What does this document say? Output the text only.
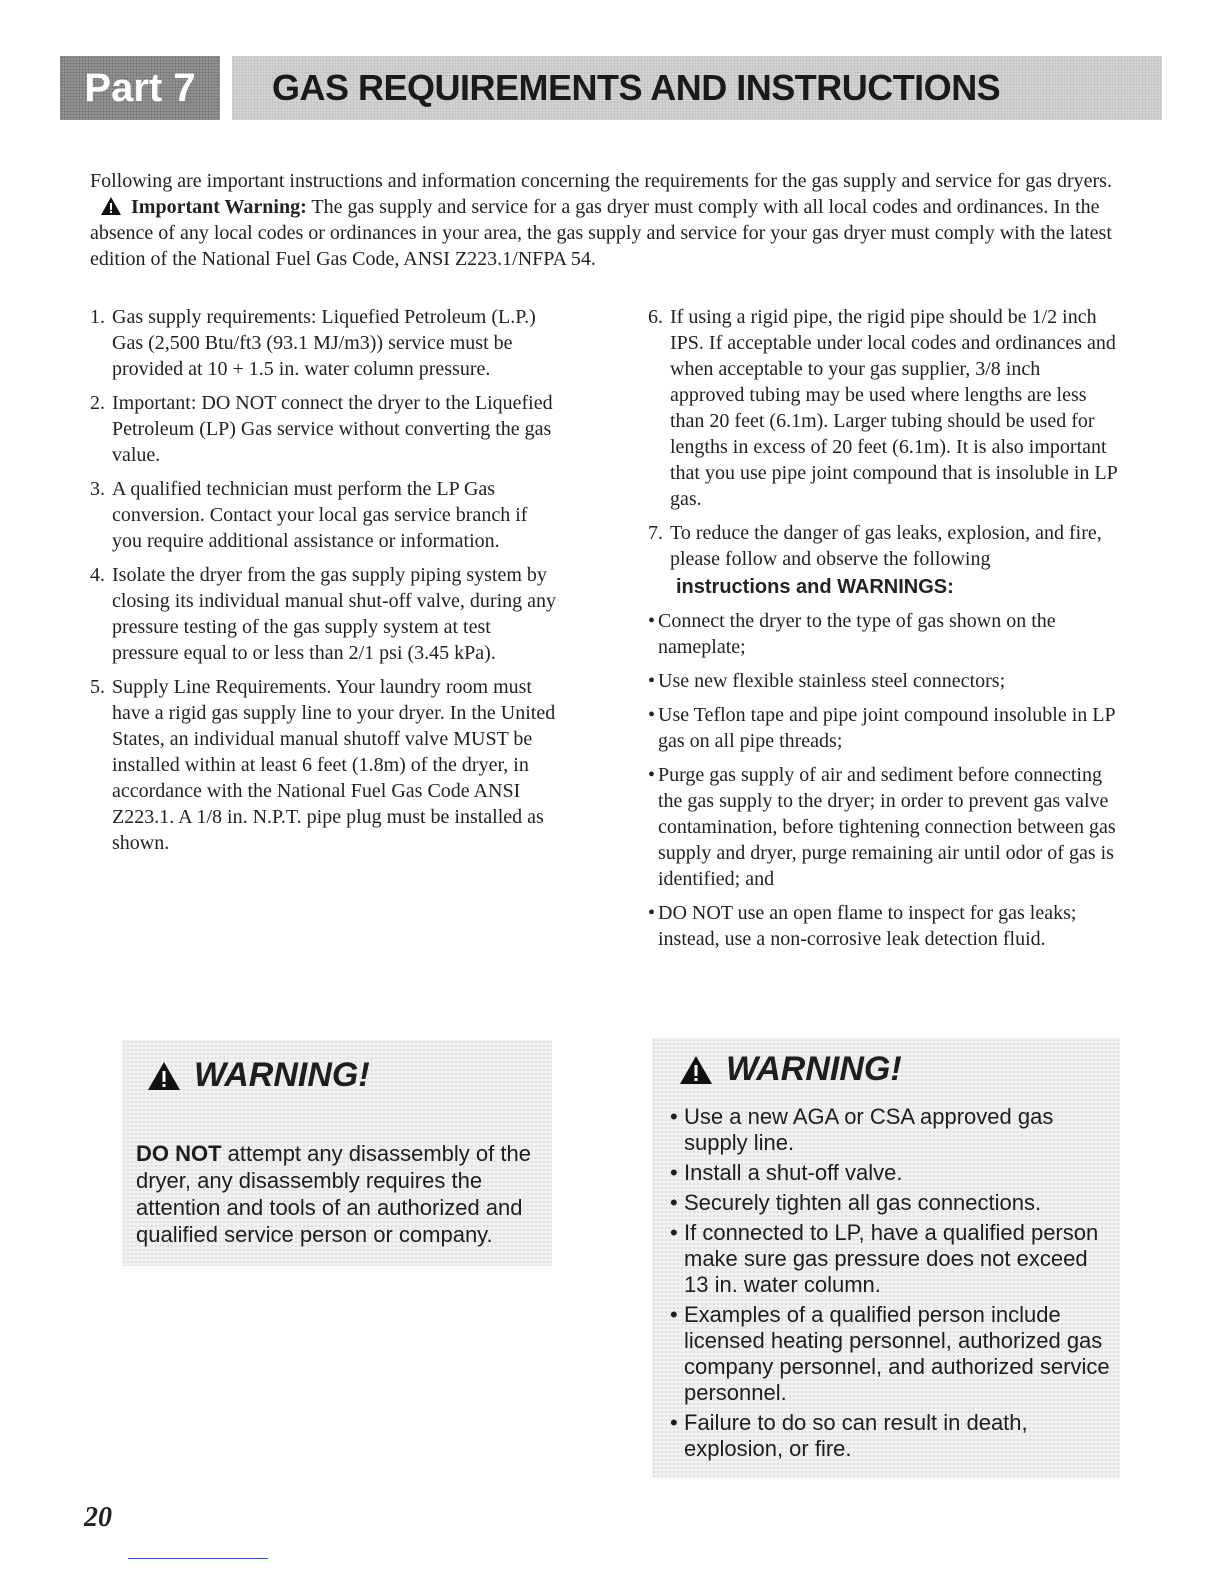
Part 7	GAS REQUIREMENTS AND INSTRUCTIONS

Following are important instructions and information concerning the requirements for the gas supply and service for gas dryers.  Important Warning: The gas supply and service for a gas dryer must comply with all local codes and ordinances. In the absence of any local codes or ordinances in your area, the gas supply and service for your gas dryer must comply with the latest edition of the National Fuel Gas Code, ANSI Z223.1/NFPA 54.

1. Gas supply requirements: Liquefied Petroleum (L.P.) Gas (2,500 Btu/ft3 (93.1 MJ/m3)) service must be provided at 10 + 1.5 in. water column pressure.
2. Important: DO NOT connect the dryer to the Liquefied Petroleum (LP) Gas service without converting the gas value.
3. A qualified technician must perform the LP Gas conversion. Contact your local gas service branch if you require additional assistance or information.
4. Isolate the dryer from the gas supply piping system by closing its individual manual shut-off valve, during any pressure testing of the gas supply system at test pressure equal to or less than 2/1 psi (3.45 kPa).
5. Supply Line Requirements. Your laundry room must have a rigid gas supply line to your dryer. In the United States, an individual manual shutoff valve MUST be installed within at least 6 feet (1.8m) of the dryer, in accordance with the National Fuel Gas Code ANSI Z223.1. A 1/8 in. N.P.T. pipe plug must be installed as shown.
6. If using a rigid pipe, the rigid pipe should be 1/2 inch IPS. If acceptable under local codes and ordinances and when acceptable to your gas supplier, 3/8 inch approved tubing may be used where lengths are less than 20 feet (6.1m). Larger tubing should be used for lengths in excess of 20 feet (6.1m). It is also important that you use pipe joint compound that is insoluble in LP gas.
7. To reduce the danger of gas leaks, explosion, and fire, please follow and observe the following
instructions and WARNINGS:
• Connect the dryer to the type of gas shown on the nameplate;
• Use new flexible stainless steel connectors;
• Use Teflon tape and pipe joint compound insoluble in LP gas on all pipe threads;
• Purge gas supply of air and sediment before connecting the gas supply to the dryer; in order to prevent gas valve contamination, before tightening connection between gas supply and dryer, purge remaining air until odor of gas is identified; and
• DO NOT use an open flame to inspect for gas leaks; instead, use a non-corrosive leak detection fluid.
WARNING!

DO NOT attempt any disassembly of the dryer, any disassembly requires the attention and tools of an authorized and qualified service person or company.

WARNING!
• Use a new AGA or CSA approved gas supply line.
• Install a shut-off valve.
• Securely tighten all gas connections.
• If connected to LP, have a qualified person make sure gas pressure does not exceed 13 in. water column.
• Examples of a qualified person include licensed heating personnel, authorized gas company personnel, and authorized service personnel.
• Failure to do so can result in death, explosion, or fire.
20
